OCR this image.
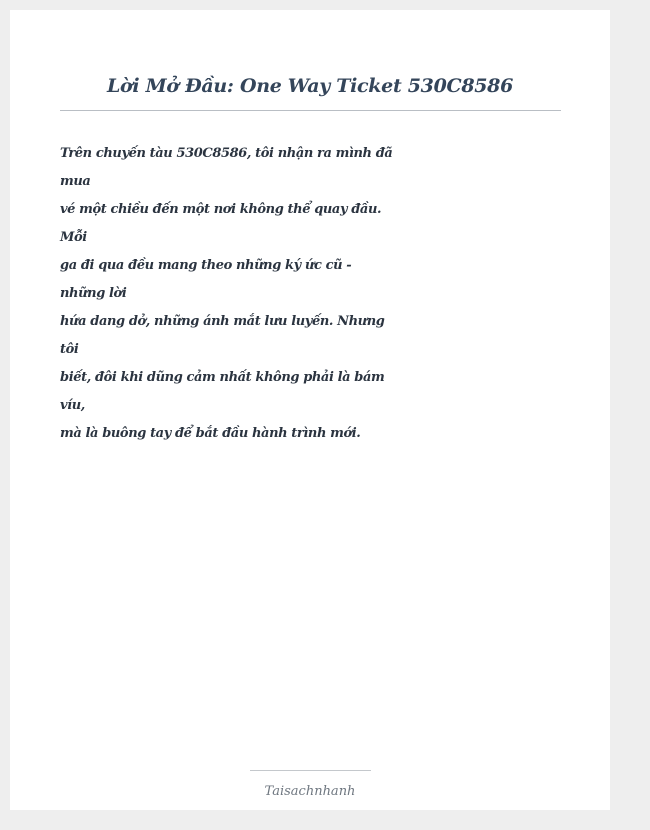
Lời Mở Đầu: One Way Ticket 530C8586
Trên chuyến tàu 530C8586, tôi nhận ra mình đã
mua
vé một chiều đến một nơi không thể quay đầu.
Mỗi
ga đi qua đều mang theo những ký ức cũ -
những lời
hứa dang dở, những ánh mắt lưu luyến. Nhưng
tôi
biết, đôi khi dũng cảm nhất không phải là bám
víu,
mà là buông tay để bắt đầu hành trình mới.
Taisachnhanh
